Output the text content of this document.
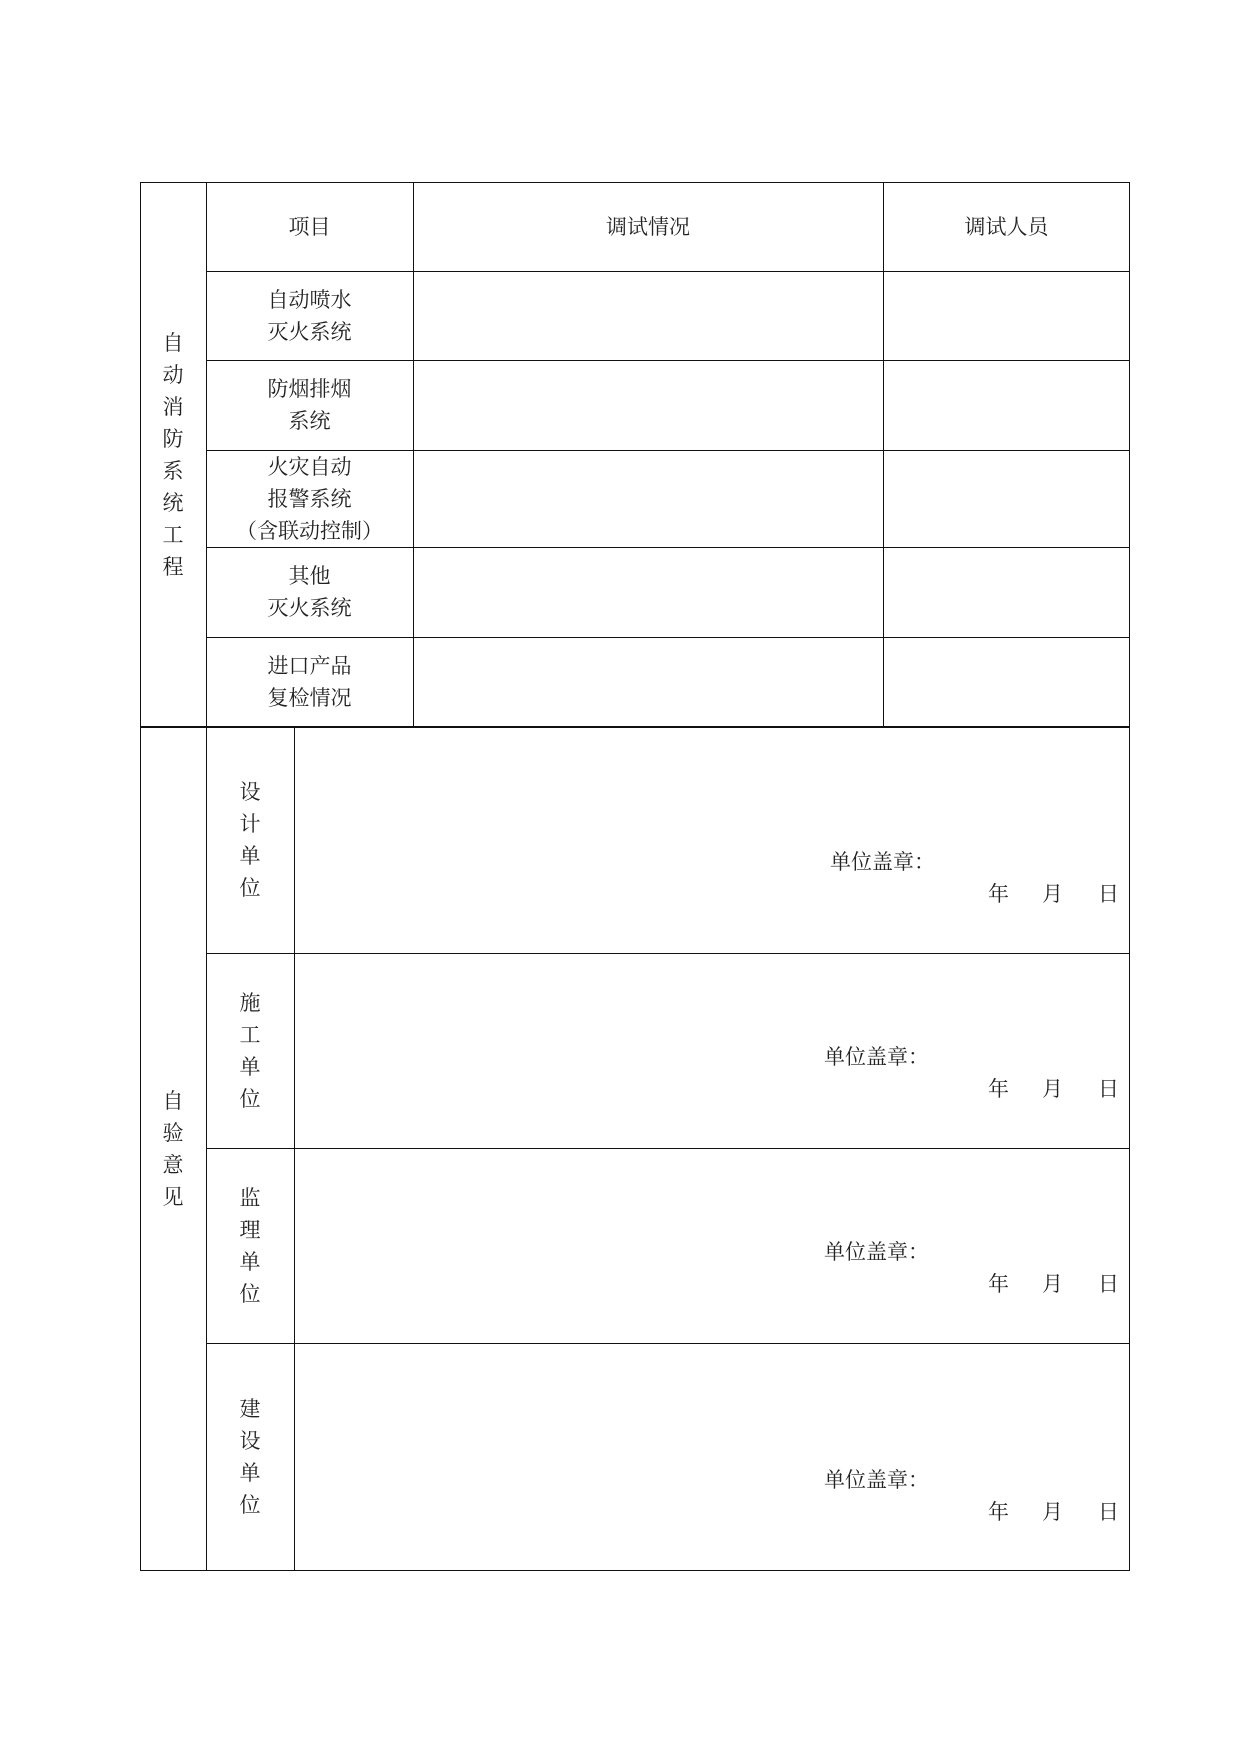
自
动
消
防
系
统
工
程
项目	调试情况	调试人员
自动喷水
灭火系统
防烟排烟
系统
火灾自动
报警系统
（含联动控制）
其他
灭火系统
进口产品
复检情况
自
验
意
见
设
计
单
位
单位盖章：
年 月 日
施
工
单
位
单位盖章：
年 月 日
监
理
单
位
单位盖章：
年 月 日
建
设
单
位
单位盖章：
年 月 日
